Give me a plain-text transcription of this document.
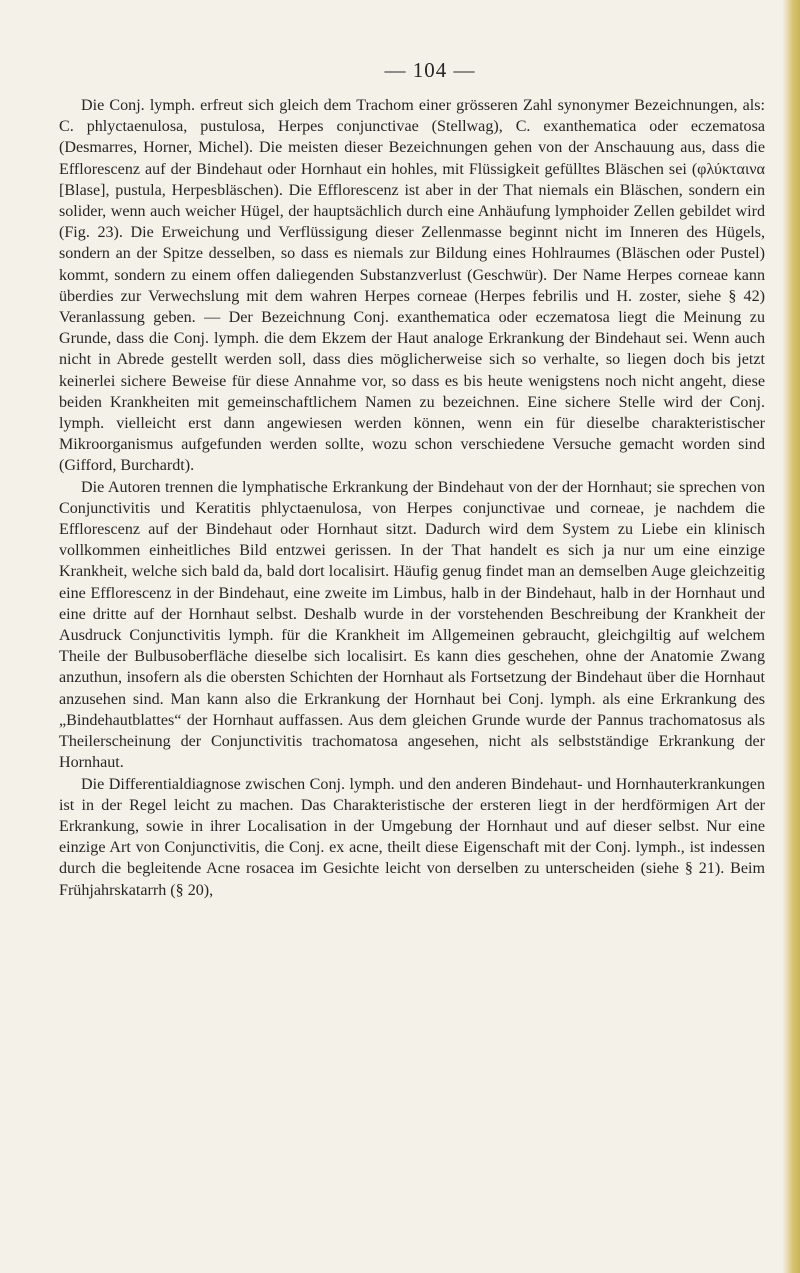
— 104 —

Die Conj. lymph. erfreut sich gleich dem Trachom einer grösseren Zahl synonymer Bezeichnungen, als: C. phlyctaenulosa, pustulosa, Herpes conjunctivae (Stellwag), C. exanthematica oder eczematosa (Desmarres, Horner, Michel). Die meisten dieser Bezeichnungen gehen von der Anschauung aus, dass die Efflorescenz auf der Bindehaut oder Hornhaut ein hohles, mit Flüssigkeit gefülltes Bläschen sei (φλύκταινα [Blase], pustula, Herpesbläschen). Die Efflorescenz ist aber in der That niemals ein Bläschen, sondern ein solider, wenn auch weicher Hügel, der hauptsächlich durch eine Anhäufung lymphoider Zellen gebildet wird (Fig. 23). Die Erweichung und Verflüssigung dieser Zellenmasse beginnt nicht im Inneren des Hügels, sondern an der Spitze desselben, so dass es niemals zur Bildung eines Hohlraumes (Bläschen oder Pustel) kommt, sondern zu einem offen daliegenden Substanzverlust (Geschwür). Der Name Herpes corneae kann überdies zur Verwechslung mit dem wahren Herpes corneae (Herpes febrilis und H. zoster, siehe § 42) Veranlassung geben. — Der Bezeichnung Conj. exanthematica oder eczematosa liegt die Meinung zu Grunde, dass die Conj. lymph. die dem Ekzem der Haut analoge Erkrankung der Bindehaut sei. Wenn auch nicht in Abrede gestellt werden soll, dass dies möglicherweise sich so verhalte, so liegen doch bis jetzt keinerlei sichere Beweise für diese Annahme vor, so dass es bis heute wenigstens noch nicht angeht, diese beiden Krankheiten mit gemeinschaftlichem Namen zu bezeichnen. Eine sichere Stelle wird der Conj. lymph. vielleicht erst dann angewiesen werden können, wenn ein für dieselbe charakteristischer Mikroorganismus aufgefunden werden sollte, wozu schon verschiedene Versuche gemacht worden sind (Gifford, Burchardt).

Die Autoren trennen die lymphatische Erkrankung der Bindehaut von der der Hornhaut; sie sprechen von Conjunctivitis und Keratitis phlyctaenulosa, von Herpes conjunctivae und corneae, je nachdem die Efflorescenz auf der Bindehaut oder Hornhaut sitzt. Dadurch wird dem System zu Liebe ein klinisch vollkommen einheitliches Bild entzwei gerissen. In der That handelt es sich ja nur um eine einzige Krankheit, welche sich bald da, bald dort localisirt. Häufig genug findet man an demselben Auge gleichzeitig eine Efflorescenz in der Bindehaut, eine zweite im Limbus, halb in der Bindehaut, halb in der Hornhaut und eine dritte auf der Hornhaut selbst. Deshalb wurde in der vorstehenden Beschreibung der Krankheit der Ausdruck Conjunctivitis lymph. für die Krankheit im Allgemeinen gebraucht, gleichgiltig auf welchem Theile der Bulbusoberfläche dieselbe sich localisirt. Es kann dies geschehen, ohne der Anatomie Zwang anzuthun, insofern als die obersten Schichten der Hornhaut als Fortsetzung der Bindehaut über die Hornhaut anzusehen sind. Man kann also die Erkrankung der Hornhaut bei Conj. lymph. als eine Erkrankung des „Bindehautblattes“ der Hornhaut auffassen. Aus dem gleichen Grunde wurde der Pannus trachomatosus als Theilerscheinung der Conjunctivitis trachomatosa angesehen, nicht als selbstständige Erkrankung der Hornhaut.

Die Differentialdiagnose zwischen Conj. lymph. und den anderen Bindehaut- und Hornhauterkrankungen ist in der Regel leicht zu machen. Das Charakteristische der ersteren liegt in der herdförmigen Art der Erkrankung, sowie in ihrer Localisation in der Umgebung der Hornhaut und auf dieser selbst. Nur eine einzige Art von Conjunctivitis, die Conj. ex acne, theilt diese Eigenschaft mit der Conj. lymph., ist indessen durch die begleitende Acne rosacea im Gesichte leicht von derselben zu unterscheiden (siehe § 21). Beim Frühjahrskatarrh (§ 20),
